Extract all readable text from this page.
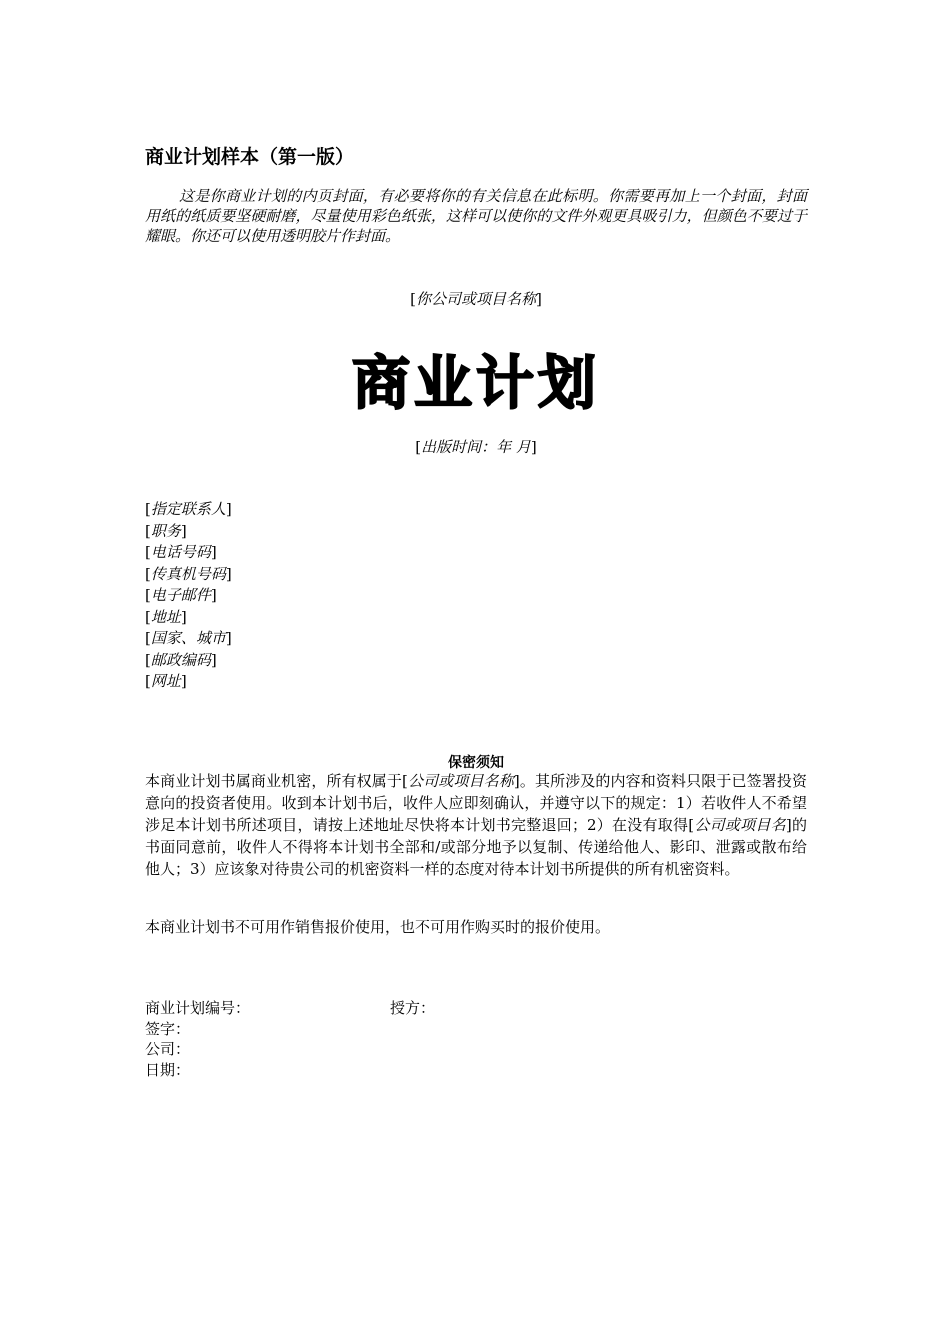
商业计划样本（第一版）

这是你商业计划的内页封面，有必要将你的有关信息在此标明。你需要再加上一个封面，封面用纸的纸质要坚硬耐磨，尽量使用彩色纸张，这样可以使你的文件外观更具吸引力，但颜色不要过于耀眼。你还可以使用透明胶片作封面。

[你公司或项目名称]
商业计划
[出版时间：年 月]
[指定联系人]
[职务]
[电话号码]
[传真机号码]
[电子邮件]
[地址]
[国家、城市]
[邮政编码]
[网址]
保密须知

本商业计划书属商业机密，所有权属于[公司或项目名称]。其所涉及的内容和资料只限于已签署投资意向的投资者使用。收到本计划书后，收件人应即刻确认，并遵守以下的规定：1）若收件人不希望涉足本计划书所述项目，请按上述地址尽快将本计划书完整退回；2）在没有取得[公司或项目名]的书面同意前，收件人不得将本计划书全部和/或部分地予以复制、传递给他人、影印、泄露或散布给他人；3）应该象对待贵公司的机密资料一样的态度对待本计划书所提供的所有机密资料。

本商业计划书不可用作销售报价使用，也不可用作购买时的报价使用。

商业计划编号：	授方：
签字：
公司：
日期：
